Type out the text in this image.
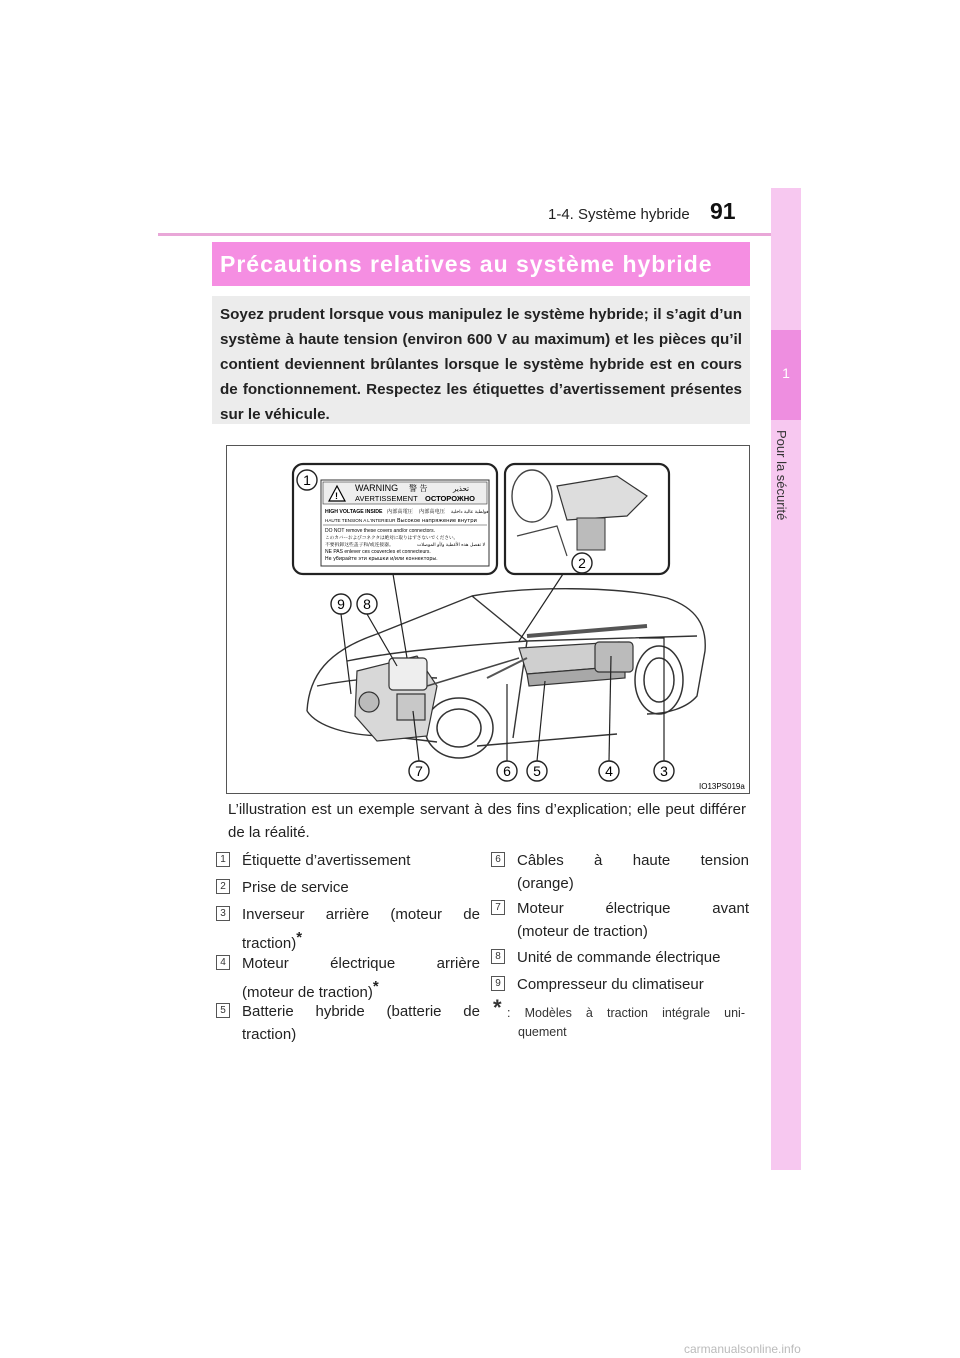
1-4. Système hybride 91
1
Pour la sécurité
Précautions relatives au système hybride
Soyez prudent lorsque vous manipulez le système hybride; il s’agit d’un système à haute tension (environ 600 V au maximum) et les pièces qu’il contient deviennent brûlantes lorsque le système hybride est en cours de fonctionnement. Respectez les étiquettes d’avertissement présentes sur le véhicule.
!
WARNING 警 告	تحذير
AVERTISSEMENT ОСТОРОЖНО
HIGH VOLTAGE INSIDE 内部高電圧 内部高电压 فولطية عالية داخلية
HAUTE TENSION A L'INTERIEUR Высокое напряжение внутри
DO NOT remove these covers and/or connectors.
このカバーおよびコネクタは絶対に取りはずさないでください。
不要拆卸这些盖子和/或连接器。	لا تفصل هذه الأغطية و/أو الموصلات
NE PAS enlever ces couvercles et connecteurs.
Не убирайте эти крышки и/или коннекторы.
1
2
9 8
7	6 5	4	3
IO13PS019a
L’illustration est un exemple servant à des fins d’explication; elle peut différer de la réalité.
1 Étiquette d’avertissement
2 Prise de service
3 Inverseur arrière (moteur de
traction)*
4 Moteur électrique arrière
(moteur de traction)*
5 Batterie hybride (batterie de
traction)
6 Câbles à haute tension
(orange)
7 Moteur électrique avant
(moteur de traction)
8 Unité de commande électrique
9 Compresseur du climatiseur
* : Modèles à traction intégrale uni-
quement
carmanualsonline.info
